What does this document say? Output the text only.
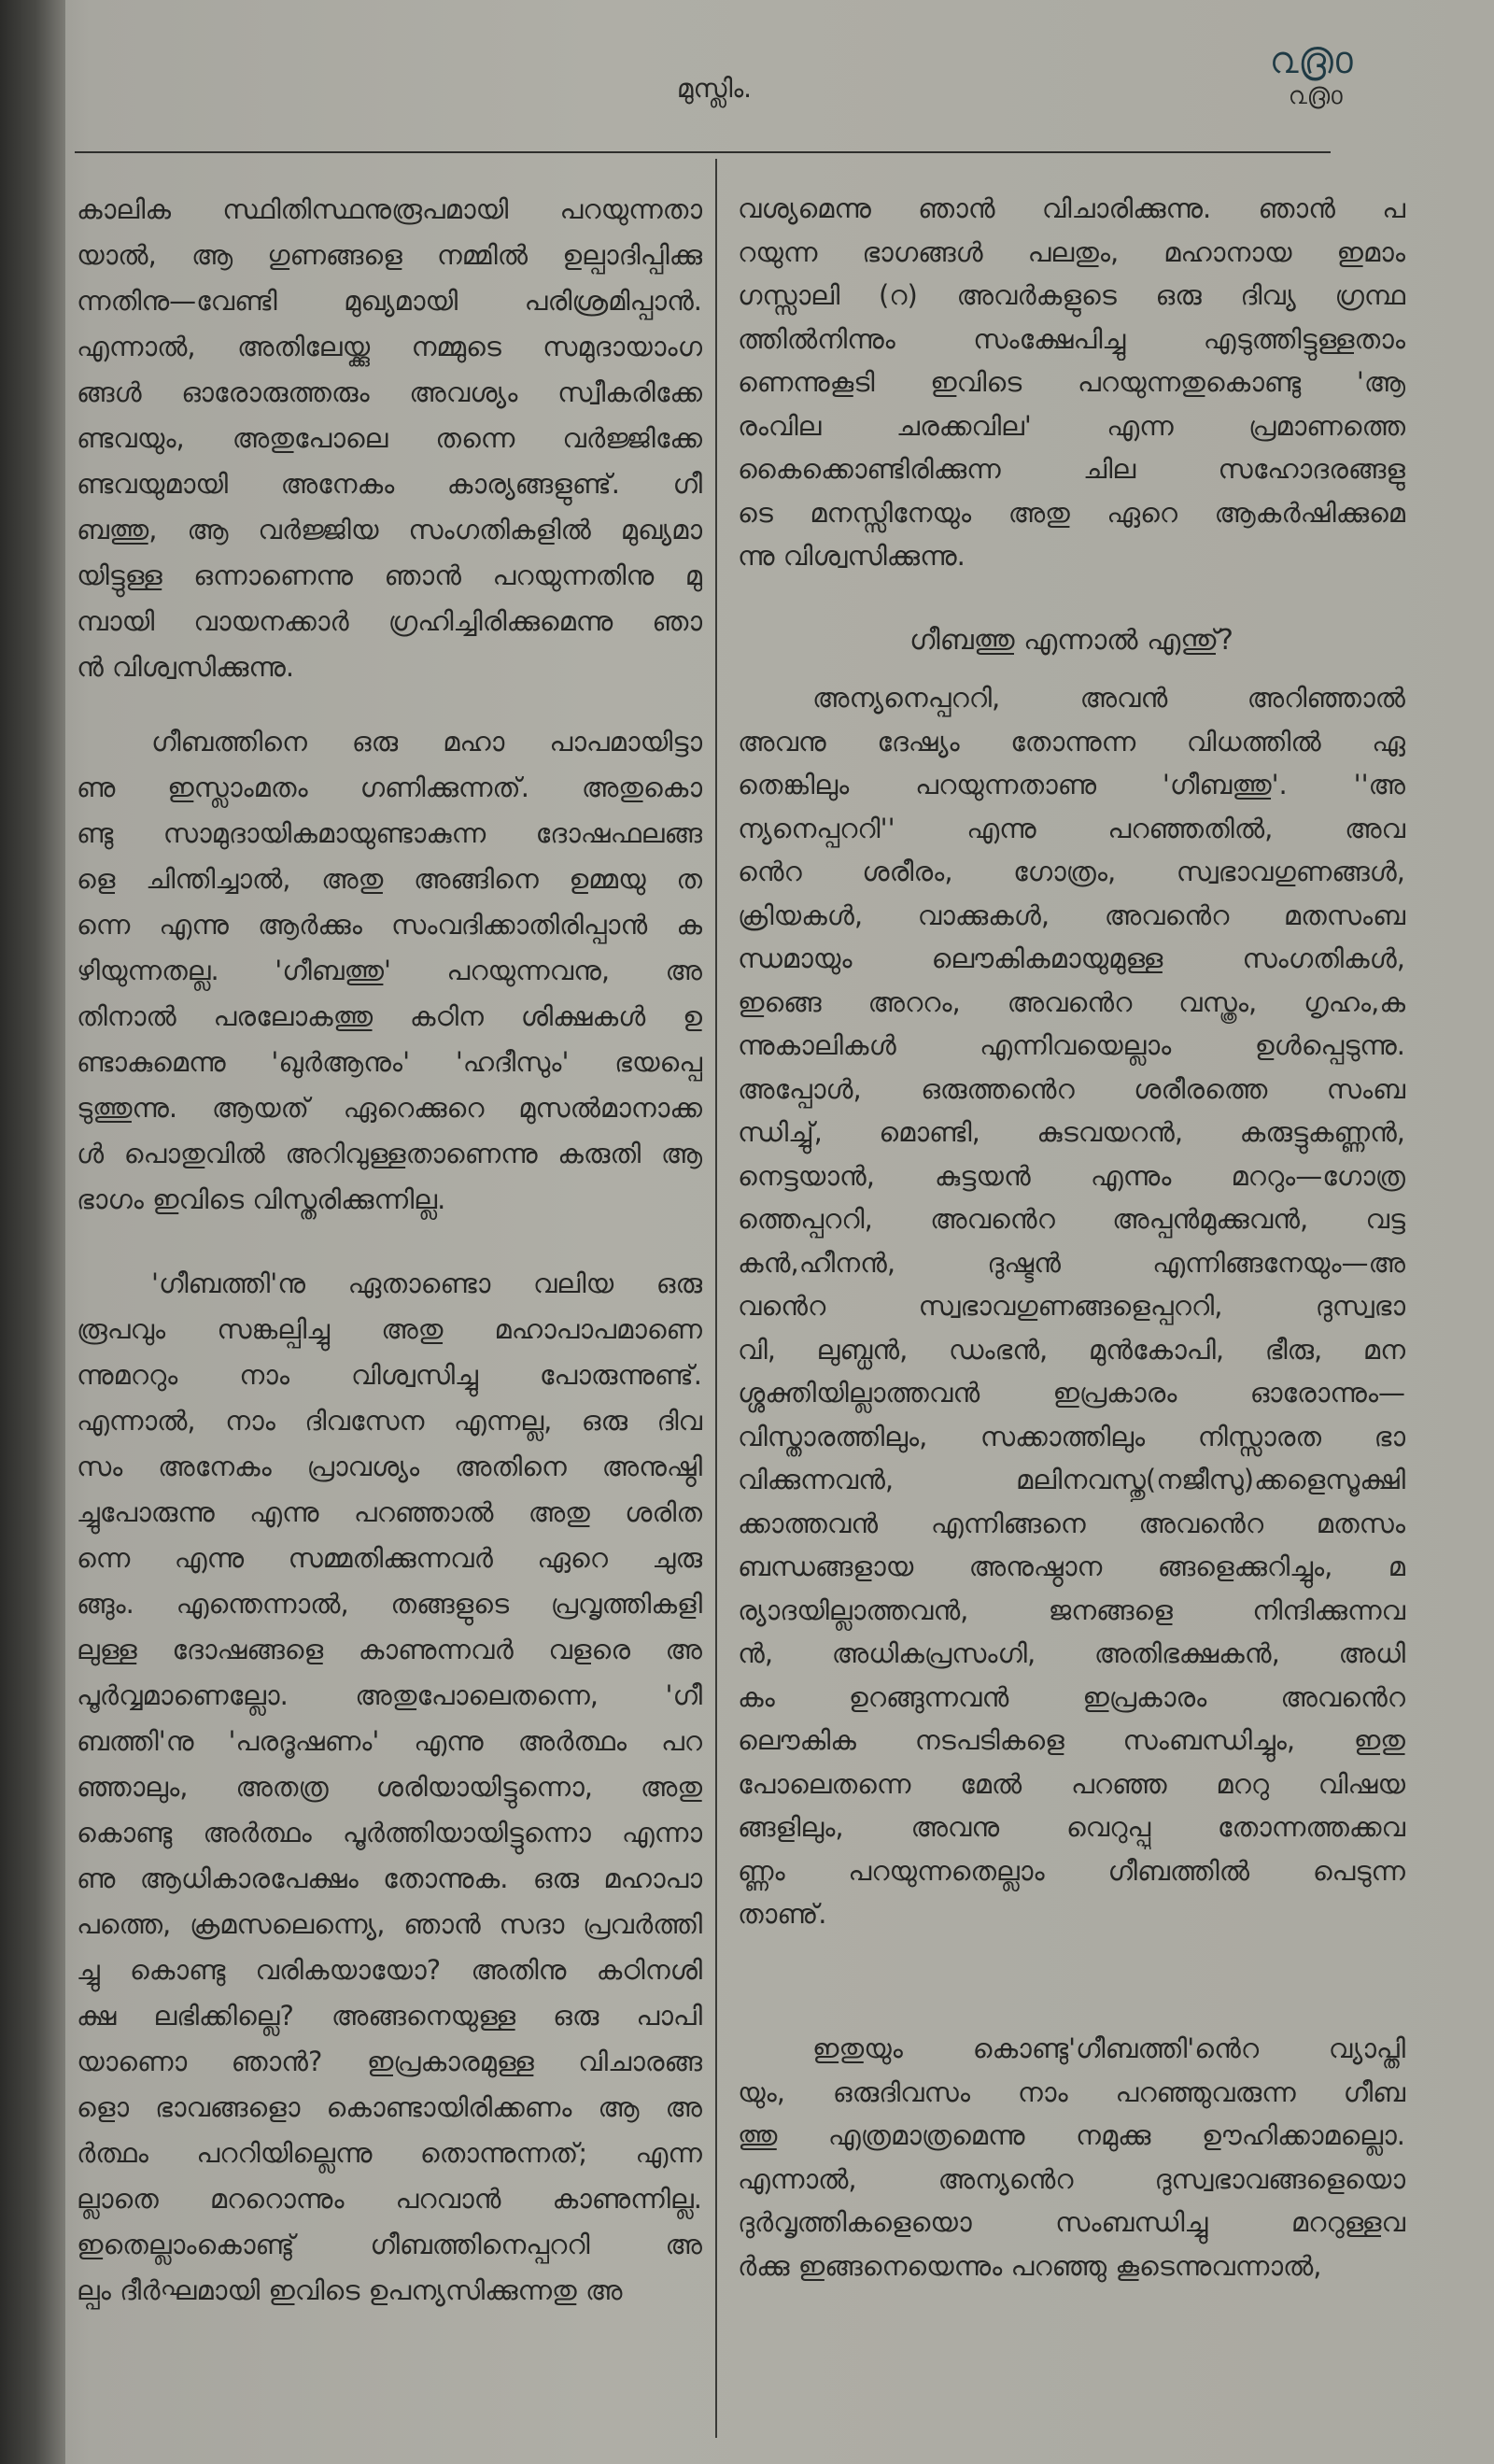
മുസ്ലിം.
൨൫൦
൨൫൦
കാലിക സ്ഥിതിസ്ഥനുരൂപമായി പറയുന്നതാ
യാൽ, ആ ഗുണങ്ങളെ നമ്മിൽ ഉല്പാദിപ്പിക്കു
ന്നതിനു—വേണ്ടി മുഖ്യമായി പരിശ്രമിപ്പാൻ.
എന്നാൽ, അതിലേയ്ക്കു നമ്മുടെ സമുദായാംഗ
ങ്ങൾ ഓരോരുത്തരും അവശ്യം സ്വീകരിക്കേ
ണ്ടവയും, അതുപോലെ തന്നെ വർജ്ജിക്കേ
ണ്ടവയുമായി അനേകം കാര്യങ്ങളുണ്ട്. ഗീ
ബത്തു, ആ വർജ്ജിയ സംഗതികളിൽ മുഖ്യമാ
യിട്ടുള്ള ഒന്നാണെന്നു ഞാൻ പറയുന്നതിനു മു
മ്പായി വായനക്കാർ ഗ്രഹിച്ചിരിക്കുമെന്നു ഞാ
ൻ വിശ്വസിക്കുന്നു.
ഗീബത്തിനെ ഒരു മഹാ പാപമായിട്ടാ
ണു ഇസ്ലാംമതം ഗണിക്കുന്നത്. അതുകൊ
ണ്ടു സാമുദായികമായുണ്ടാകുന്ന ദോഷഫലങ്ങ
ളെ ചിന്തിച്ചാൽ, അതു അങ്ങിനെ ഉമ്മയു ത
ന്നെ എന്നു ആർക്കും സംവദിക്കാതിരിപ്പാൻ ക
ഴിയുന്നതല്ല. 'ഗീബത്തു' പറയുന്നവനു, അ
തിനാൽ പരലോകത്തു കഠിന ശിക്ഷകൾ ഉ
ണ്ടാകുമെന്നു 'ഖുർആനും' 'ഹദീസും' ഭയപ്പെ
ടുത്തുന്നു. ആയത് ഏറെക്കുറെ മുസൽമാനാക്ക
ൾ പൊതുവിൽ അറിവുള്ളതാണെന്നു കരുതി ആ
ഭാഗം ഇവിടെ വിസ്തരിക്കുന്നില്ല.
'ഗീബത്തി'നു ഏതാണ്ടൊ വലിയ ഒരു
രൂപവും സങ്കല്പിച്ചു അതു മഹാപാപമാണെ
ന്നുമററും നാം വിശ്വസിച്ചു പോരുന്നുണ്ട്.
എന്നാൽ, നാം ദിവസേന എന്നല്ല, ഒരു ദിവ
സം അനേകം പ്രാവശ്യം അതിനെ അനുഷ്ഠി
ച്ചുപോരുന്നു എന്നു പറഞ്ഞാൽ അതു ശരിത
ന്നെ എന്നു സമ്മതിക്കുന്നവർ ഏറെ ചുരു
ങ്ങും. എന്തെന്നാൽ, തങ്ങളുടെ പ്രവൃത്തികളി
ലുള്ള ദോഷങ്ങളെ കാണുന്നവർ വളരെ അ
പൂർവ്വമാണെല്ലോ. അതുപോലെതന്നെ, 'ഗീ
ബത്തി'നു 'പരദൂഷണം' എന്നു അർത്ഥം പറ
ഞ്ഞാലും, അതത്ര ശരിയായിട്ടുന്നൊ, അതു
കൊണ്ടു അർത്ഥം പൂർത്തിയായിട്ടുന്നൊ എന്നാ
ണു ആധികാരപേക്ഷം തോന്നുക. ഒരു മഹാപാ
പത്തെ, ക്രമസലെന്ന്യെ, ഞാൻ സദാ പ്രവർത്തി
ച്ചു കൊണ്ടു വരികയായോ? അതിനു കഠിനശി
ക്ഷ ലഭിക്കില്ലെ? അങ്ങനെയുള്ള ഒരു പാപി
യാണൊ ഞാൻ? ഇപ്രകാരമുള്ള വിചാരങ്ങ
ളൊ ഭാവങ്ങളൊ കൊണ്ടായിരിക്കണം ആ അ
ർത്ഥം പററിയില്ലെന്നു തൊന്നുന്നത്; എന്ന
ല്ലാതെ മററൊന്നും പറവാൻ കാണുന്നില്ല.
ഇതെല്ലാംകൊണ്ടു് ഗീബത്തിനെപ്പററി അ
ല്പം ദീർഘമായി ഇവിടെ ഉപന്യസിക്കുന്നതു അ
വശ്യമെന്നു ഞാൻ വിചാരിക്കുന്നു. ഞാൻ പ
റയുന്ന ഭാഗങ്ങൾ പലതും, മഹാനായ ഇമാം
ഗസ്സാലി (റ) അവർകളുടെ ഒരു ദിവ്യ ഗ്രന്ഥ
ത്തിൽനിന്നും സംക്ഷേപിച്ചു എടുത്തിട്ടുള്ളതാം
ണെന്നുകൂടി ഇവിടെ പറയുന്നതുകൊണ്ടു 'ആ
രംവില ചരക്കവില' എന്ന പ്രമാണത്തെ
കൈക്കൊണ്ടിരിക്കുന്ന ചില സഹോദരങ്ങളു
ടെ മനസ്സിനേയും അതു ഏറെ ആകർഷിക്കുമെ
ന്നു വിശ്വസിക്കുന്നു.
ഗീബത്തു എന്നാൽ എന്തു്?
അന്യനെപ്പററി, അവൻ അറിഞ്ഞാൽ
അവനു ദേഷ്യം തോന്നുന്ന വിധത്തിൽ ഏ
തെങ്കിലും പറയുന്നതാണു 'ഗീബത്തു'. ''അ
ന്യനെപ്പററി'' എന്നു പറഞ്ഞതിൽ, അവ
ൻെറ ശരീരം, ഗോത്രം, സ്വഭാവഗുണങ്ങൾ,
ക്രിയകൾ, വാക്കുകൾ, അവൻെറ മതസംബ
ന്ധമായും ലൌകികമായുമുള്ള സംഗതികൾ,
ഇങ്ങെ അററം, അവൻെറ വസ്ത്രം, ഗൃഹം,ക
ന്നുകാലികൾ എന്നിവയെല്ലാം ഉൾപ്പെടുന്നു.
അപ്പോൾ, ഒരുത്തൻെറ ശരീരത്തെ സംബ
ന്ധിച്ചു്, മൊണ്ടി, കുടവയറൻ, കരുട്ടുകണ്ണൻ,
നെട്ടയാൻ, കുട്ടയൻ എന്നും മററും—ഗോത്ര
ത്തെപ്പററി, അവൻെറ അപ്പൻമുക്കുവൻ, വട്ട
കൻ,ഹീനൻ, ദുഷ്ടൻ എന്നിങ്ങനേയും—അ
വൻെറ സ്വഭാവഗുണങ്ങളെപ്പററി, ദുസ്വഭാ
വി, ലുബ്ധൻ, ഡംഭൻ, മുൻകോപി, ഭീരു, മന
ശ്ശക്തിയില്ലാത്തവൻ ഇപ്രകാരം ഓരോന്നും—
വിസ്താരത്തിലും, സക്കാത്തിലും നിസ്സാരത ഭാ
വിക്കുന്നവൻ, മലിനവസ്തു(നജീസു)ക്കളെസൂക്ഷി
ക്കാത്തവൻ എന്നിങ്ങനെ അവൻെറ മതസം
ബന്ധങ്ങളായ അനുഷ്ഠാന ങ്ങളെക്കുറിച്ചും, മ
ര്യാദയില്ലാത്തവൻ, ജനങ്ങളെ നിന്ദിക്കുന്നവ
ൻ, അധികപ്രസംഗി, അതിഭക്ഷകൻ, അധി
കം ഉറങ്ങുന്നവൻ ഇപ്രകാരം അവൻെറ
ലൌകിക നടപടികളെ സംബന്ധിച്ചും, ഇതു
പോലെതന്നെ മേൽ പറഞ്ഞ മററു വിഷയ
ങ്ങളിലും, അവനു വെറുപ്പു തോന്നത്തക്കവ
ണ്ണം പറയുന്നതെല്ലാം ഗീബത്തിൽ പെടുന്ന
താണു്.
ഇതുയും കൊണ്ടു'ഗീബത്തി'ൻെറ വ്യാപ്തി
യും, ഒരുദിവസം നാം പറഞ്ഞുവരുന്ന ഗീബ
ത്തു എത്രമാത്രമെന്നു നമുക്കു ഊഹിക്കാമല്ലൊ.
എന്നാൽ, അന്യൻെറ ദുസ്വഭാവങ്ങളെയൊ
ദുർവൃത്തികളെയൊ സംബന്ധിച്ചു മററുള്ളവ
ർക്കു ഇങ്ങനെയെന്നും പറഞ്ഞു കൂടെന്നുവന്നാൽ,
